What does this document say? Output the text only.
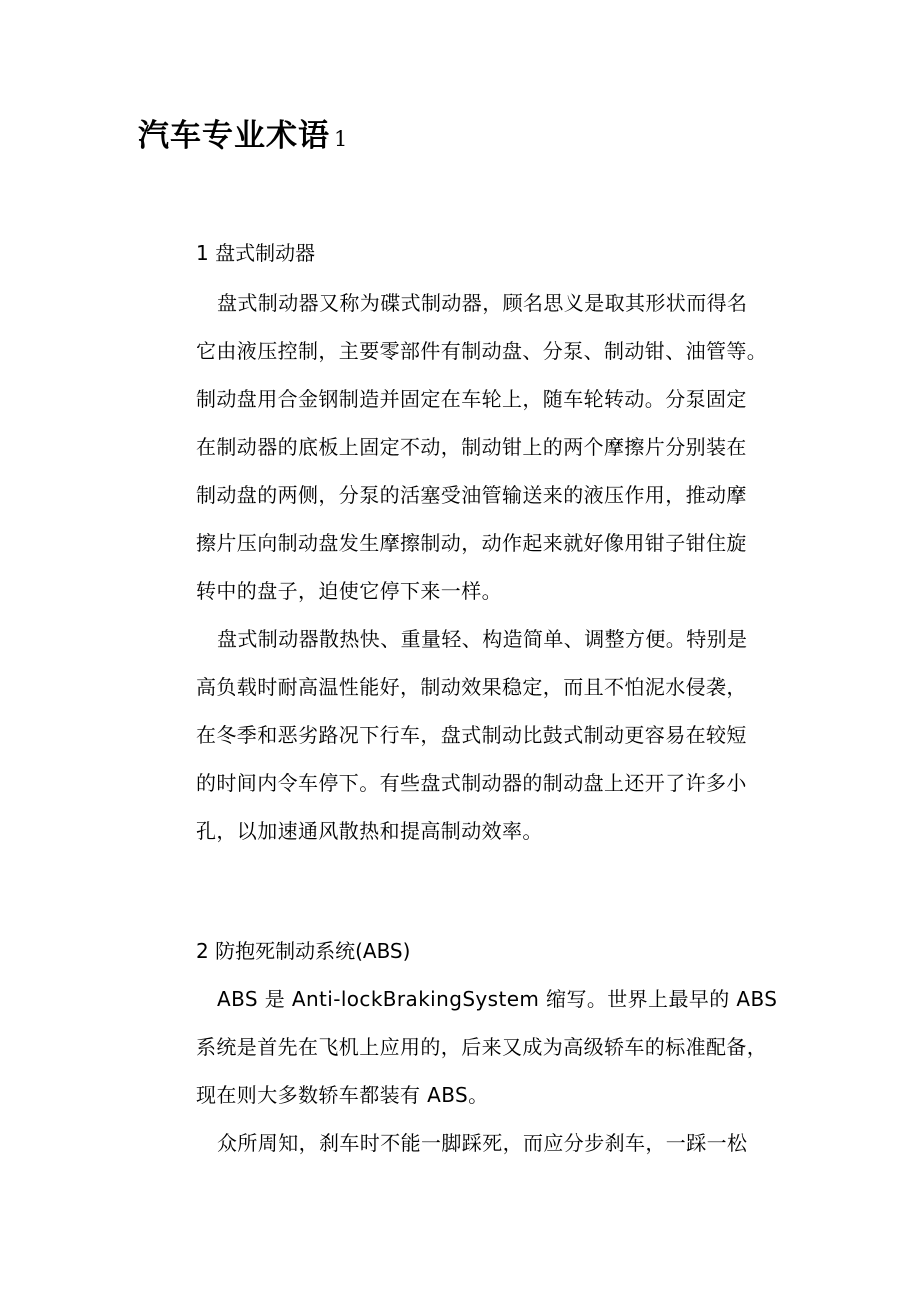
汽车专业术语 1
1 盘式制动器

盘式制动器又称为碟式制动器，顾名思义是取其形状而得名

它由液压控制，主要零部件有制动盘、分泵、制动钳、油管等。

制动盘用合金钢制造并固定在车轮上，随车轮转动。分泵固定

在制动器的底板上固定不动，制动钳上的两个摩擦片分别装在

制动盘的两侧，分泵的活塞受油管输送来的液压作用，推动摩

擦片压向制动盘发生摩擦制动，动作起来就好像用钳子钳住旋

转中的盘子，迫使它停下来一样。

盘式制动器散热快、重量轻、构造简单、调整方便。特别是

高负载时耐高温性能好，制动效果稳定，而且不怕泥水侵袭，

在冬季和恶劣路况下行车，盘式制动比鼓式制动更容易在较短

的时间内令车停下。有些盘式制动器的制动盘上还开了许多小

孔，以加速通风散热和提高制动效率。

2 防抱死制动系统(ABS)

ABS 是 Anti-lockBrakingSystem 缩写。世界上最早的 ABS

系统是首先在飞机上应用的，后来又成为高级轿车的标准配备，

现在则大多数轿车都装有 ABS。

众所周知，刹车时不能一脚踩死，而应分步刹车，一踩一松
